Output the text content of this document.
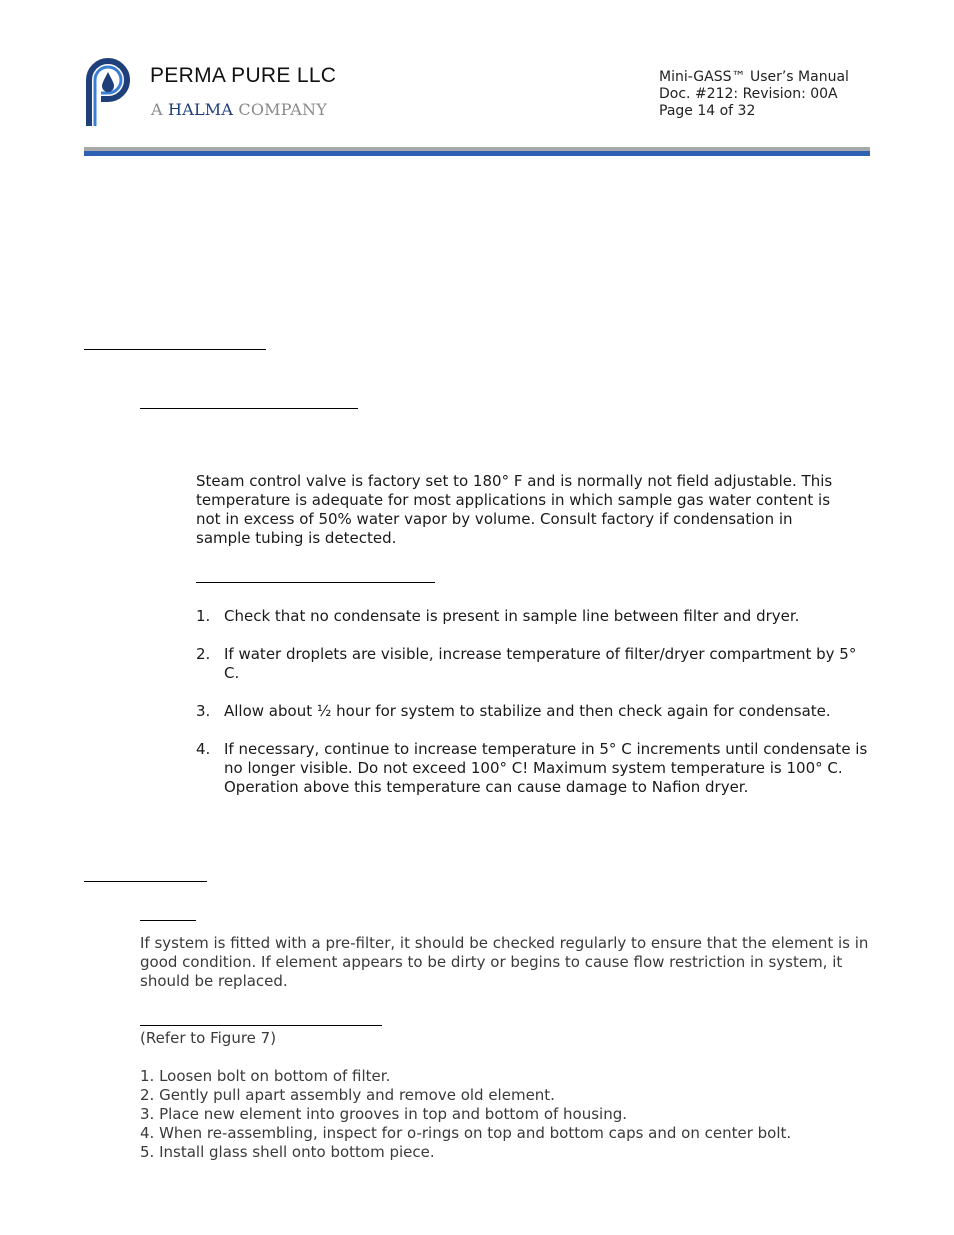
PERMA PURE LLC
A HALMA COMPANY
Mini-GASS™ User’s Manual
Doc. #212: Revision: 00A
Page 14 of 32
Steam control valve is factory set to 180° F and is normally not field adjustable. This temperature is adequate for most applications in which sample gas water content is not in excess of 50% water vapor by volume. Consult factory if condensation in sample tubing is detected.
1. Check that no condensate is present in sample line between filter and dryer.
2. If water droplets are visible, increase temperature of filter/dryer compartment by 5° C.
3. Allow about ½ hour for system to stabilize and then check again for condensate.
4. If necessary, continue to increase temperature in 5° C increments until condensate is no longer visible. Do not exceed 100° C! Maximum system temperature is 100° C. Operation above this temperature can cause damage to Nafion dryer.
If system is fitted with a pre-filter, it should be checked regularly to ensure that the element is in good condition. If element appears to be dirty or begins to cause flow restriction in system, it should be replaced.
(Refer to Figure 7)
1. Loosen bolt on bottom of filter.
2. Gently pull apart assembly and remove old element.
3. Place new element into grooves in top and bottom of housing.
4. When re-assembling, inspect for o-rings on top and bottom caps and on center bolt.
5. Install glass shell onto bottom piece.
